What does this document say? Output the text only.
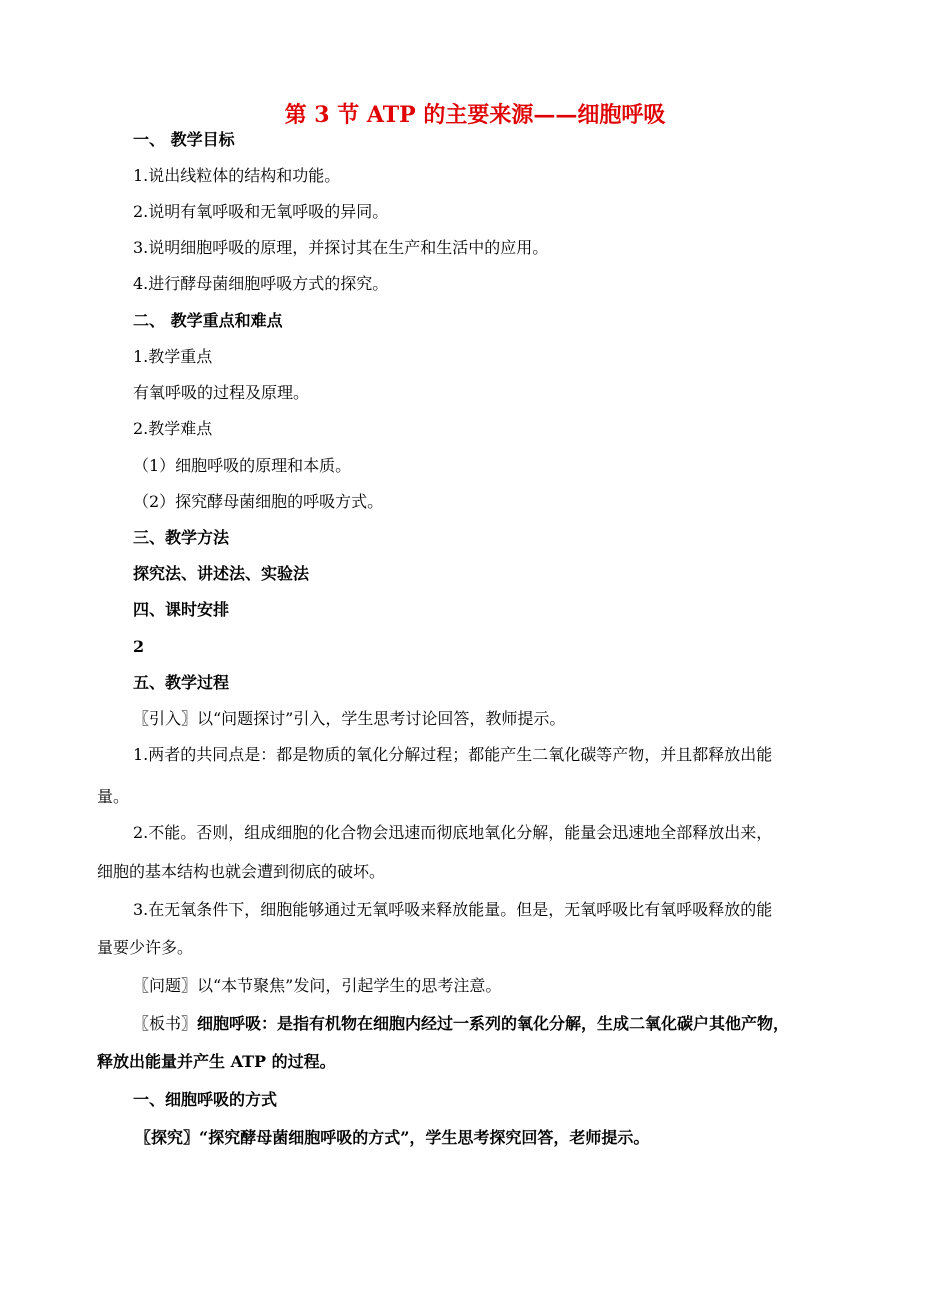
第 3 节 ATP 的主要来源——细胞呼吸
一、 教学目标
1.说出线粒体的结构和功能。
2.说明有氧呼吸和无氧呼吸的异同。
3.说明细胞呼吸的原理，并探讨其在生产和生活中的应用。
4.进行酵母菌细胞呼吸方式的探究。
二、 教学重点和难点
1.教学重点
有氧呼吸的过程及原理。
2.教学难点
（1）细胞呼吸的原理和本质。
（2）探究酵母菌细胞的呼吸方式。
三、教学方法
探究法、讲述法、实验法
四、课时安排
2
五、教学过程
〖引入〗以“问题探讨”引入，学生思考讨论回答，教师提示。
1.两者的共同点是：都是物质的氧化分解过程；都能产生二氧化碳等产物，并且都释放出能
量。
2.不能。否则，组成细胞的化合物会迅速而彻底地氧化分解，能量会迅速地全部释放出来，
细胞的基本结构也就会遭到彻底的破坏。
3.在无氧条件下，细胞能够通过无氧呼吸来释放能量。但是，无氧呼吸比有氧呼吸释放的能
量要少许多。
〖问题〗以“本节聚焦”发问，引起学生的思考注意。
〖板书〗细胞呼吸：是指有机物在细胞内经过一系列的氧化分解，生成二氧化碳户其他产物，
释放出能量并产生 ATP 的过程。
一、细胞呼吸的方式
〖探究〗“探究酵母菌细胞呼吸的方式”，学生思考探究回答，老师提示。
